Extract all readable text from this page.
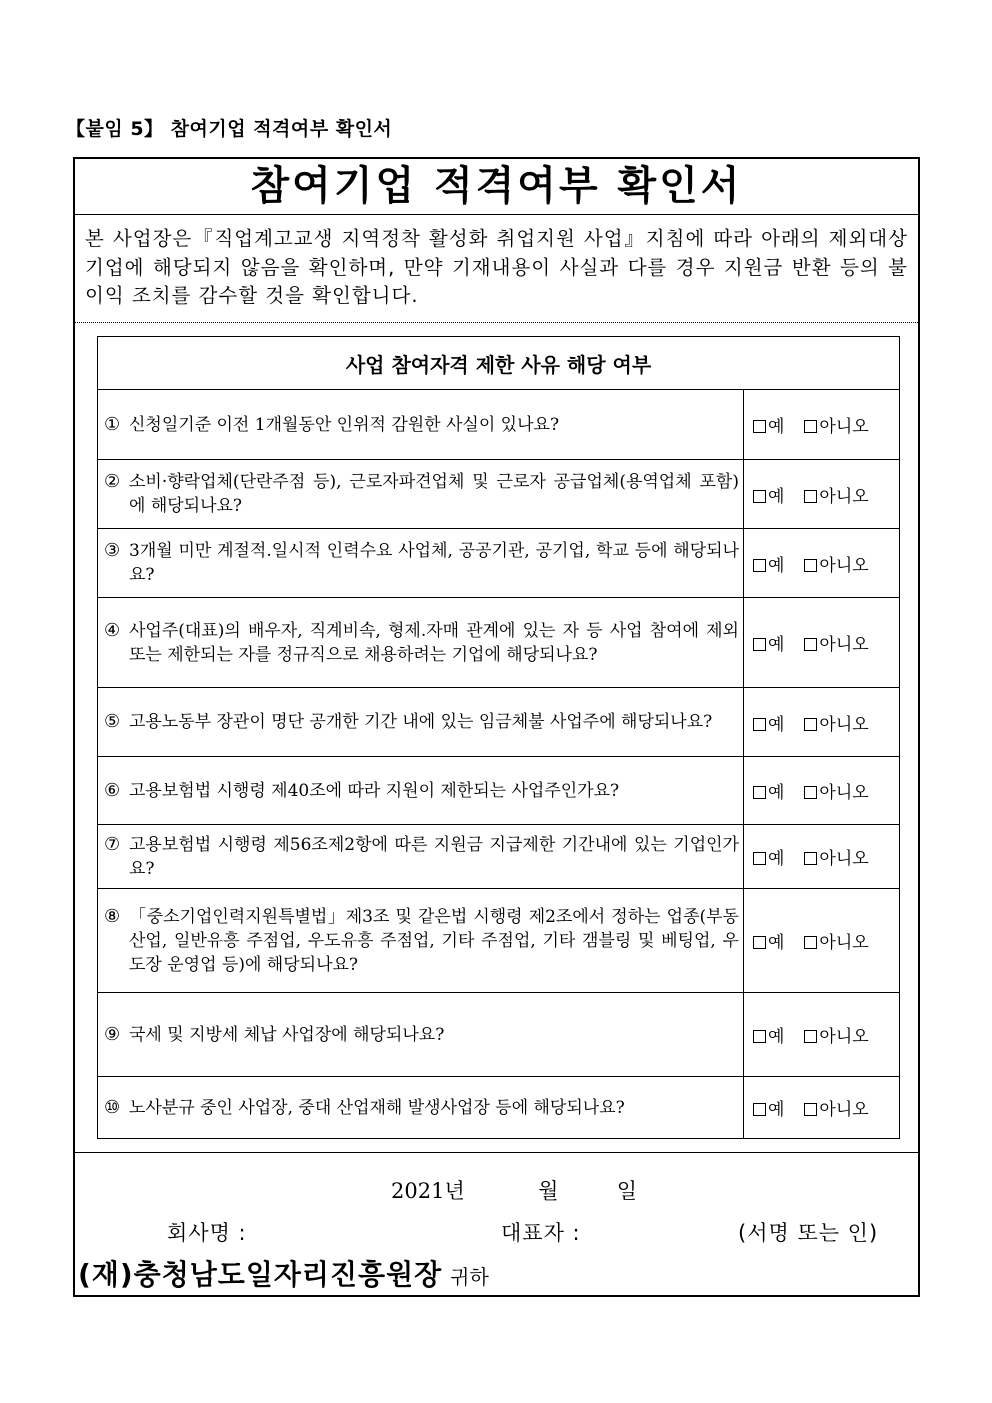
【붙임 5】 참여기업 적격여부 확인서
참여기업 적격여부 확인서
본 사업장은『직업계고교생 지역정착 활성화 취업지원 사업』지침에 따라 아래의 제외대상 기업에 해당되지 않음을 확인하며, 만약 기재내용이 사실과 다를 경우 지원금 반환 등의 불이익 조치를 감수할 것을 확인합니다.
사업 참여자격 제한 사유 해당 여부	

① 신청일기준 이전 1개월동안 인위적 감원한 사실이 있나요?	예 아니오

② 소비·향락업체(단란주점 등), 근로자파견업체 및 근로자 공급업체(용역업체 포함)에 해당되나요?	예 아니오

③ 3개월 미만 계절적.일시적 인력수요 사업체, 공공기관, 공기업, 학교 등에 해당되나요?	예 아니오

④ 사업주(대표)의 배우자, 직계비속, 형제.자매 관계에 있는 자 등 사업 참여에 제외 또는 제한되는 자를 정규직으로 채용하려는 기업에 해당되나요?	예 아니오

⑤ 고용노동부 장관이 명단 공개한 기간 내에 있는 임금체불 사업주에 해당되나요?	예 아니오

⑥ 고용보험법 시행령 제40조에 따라 지원이 제한되는 사업주인가요?	예 아니오

⑦ 고용보험법 시행령 제56조제2항에 따른 지원금 지급제한 기간내에 있는 기업인가요?	예 아니오

⑧ 「중소기업인력지원특별법」제3조 및 같은법 시행령 제2조에서 정하는 업종(부동산업, 일반유흥 주점업, 우도유흥 주점업, 기타 주점업, 기타 갬블링 및 베팅업, 우도장 운영업 등)에 해당되나요?	예 아니오

⑨ 국세 및 지방세 체납 사업장에 해당되나요?	예 아니오

⑩ 노사분규 중인 사업장, 중대 산업재해 발생사업장 등에 해당되나요?	예 아니오
2021년	월	일
회사명 :	대표자 :	(서명 또는 인)
(재)충청남도일자리진흥원장 귀하
